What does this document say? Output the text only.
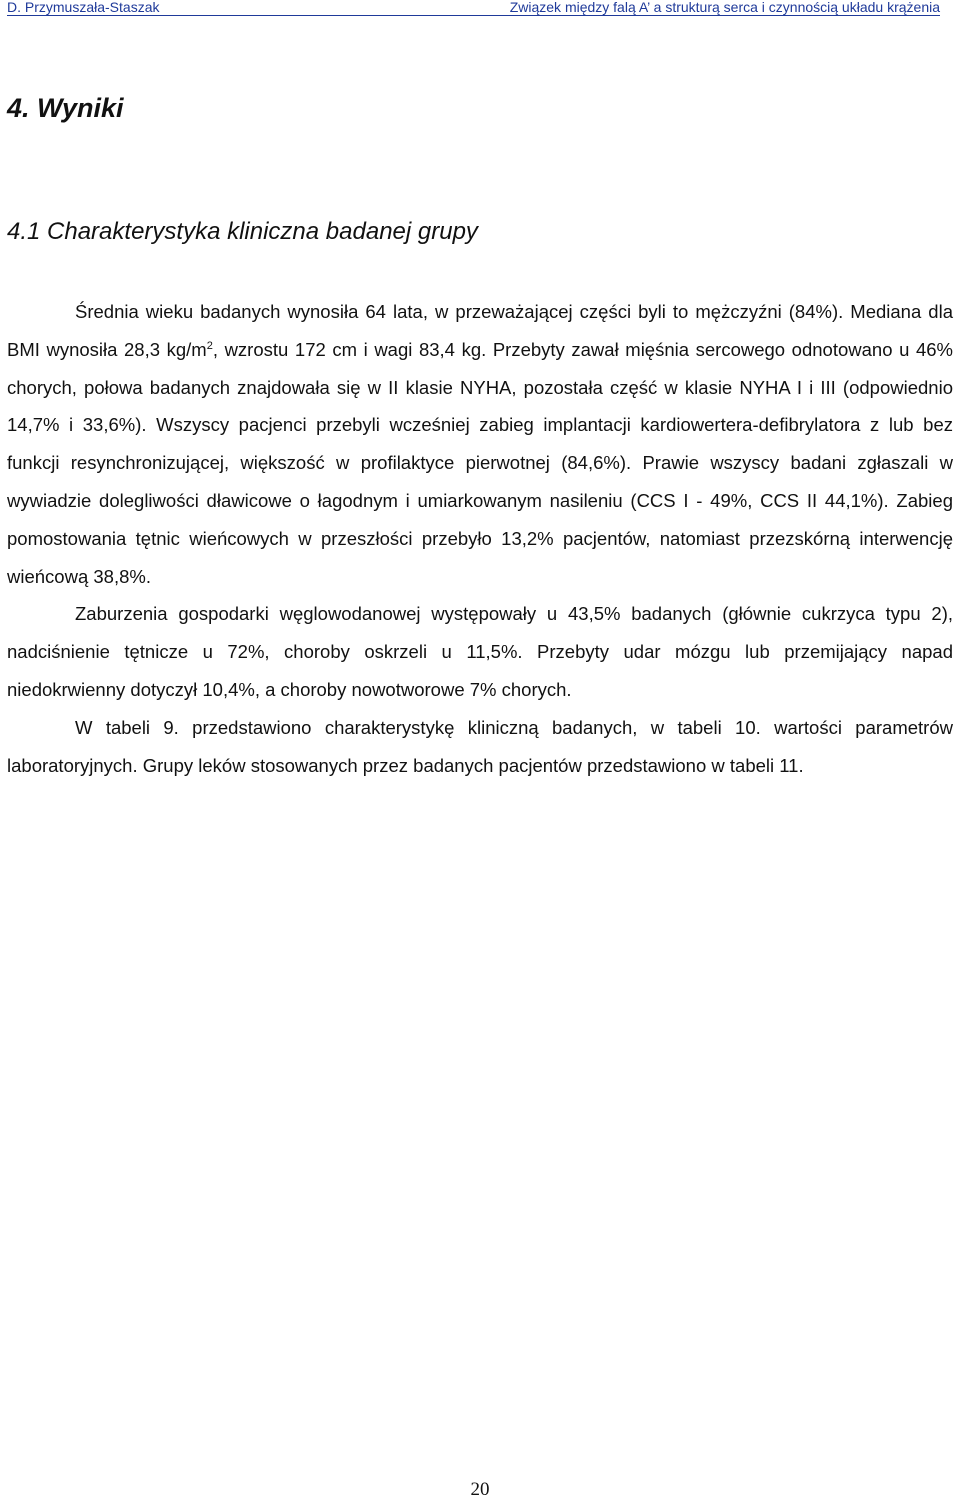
D. Przymuszała-Staszak	Związek między falą A’ a strukturą serca i czynnością układu krążenia
4. Wyniki
4.1 Charakterystyka kliniczna badanej grupy

Średnia wieku badanych wynosiła 64 lata, w przeważającej części byli to mężczyźni (84%). Mediana dla BMI wynosiła 28,3 $kg/m^2$, wzrostu 172 cm i wagi 83,4 kg. Przebyty zawał mięśnia sercowego odnotowano u 46% chorych, połowa badanych znajdowała się w II klasie NYHA, pozostała część w klasie NYHA I i III (odpowiednio 14,7% i 33,6%). Wszyscy pacjenci przebyli wcześniej zabieg implantacji kardiowertera-defibrylatora z lub bez funkcji resynchronizującej, większość w profilaktyce pierwotnej (84,6%). Prawie wszyscy badani zgłaszali w wywiadzie dolegliwości dławicowe o łagodnym i umiarkowanym nasileniu (CCS I - 49%, CCS II 44,1%). Zabieg pomostowania tętnic wieńcowych w przeszłości przebyło 13,2% pacjentów, natomiast przezskórną interwencję wieńcową 38,8%.

Zaburzenia gospodarki węglowodanowej występowały u 43,5% badanych (głównie cukrzyca typu 2), nadciśnienie tętnicze u 72%, choroby oskrzeli u 11,5%. Przebyty udar mózgu lub przemijający napad niedokrwienny dotyczył 10,4%, a choroby nowotworowe 7% chorych.

W tabeli 9. przedstawiono charakterystykę kliniczną badanych, w tabeli 10. wartości parametrów laboratoryjnych. Grupy leków stosowanych przez badanych pacjentów przedstawiono w tabeli 11.

20
